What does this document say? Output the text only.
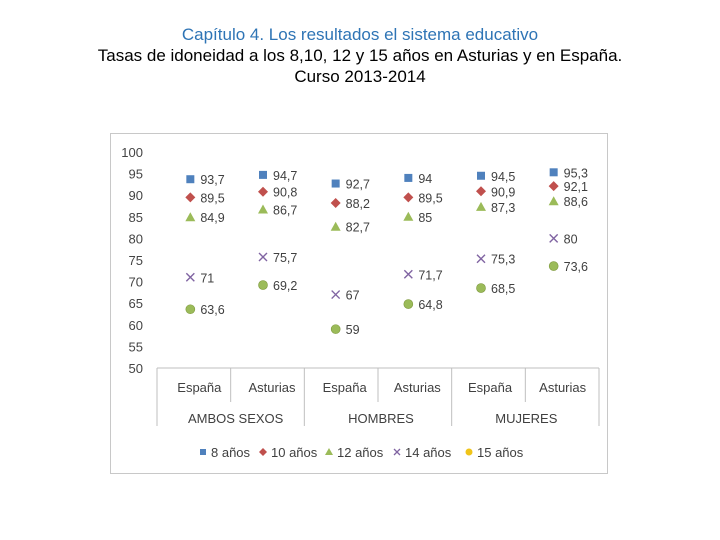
Capítulo 4. Los resultados el sistema educativo
Tasas de idoneidad a los 8,10, 12 y 15 años en Asturias y en España.
Curso 2013-2014
100
95
90
85
80
75
70
65
60
55
50
España Asturias España Asturias España Asturias
AMBOS SEXOS	HOMBRES	MUJERES
93,7	94,7
92,7	94	94,5	95,3
89,5	90,8
88,2	89,5	90,9	92,1
84,9
86,7
82,7
85
87,3	88,6
71
75,7
67
71,7
75,3
80
63,6
69,2
59
64,8
68,5
73,6
8 años 10 años 12 años 14 años 15 años
